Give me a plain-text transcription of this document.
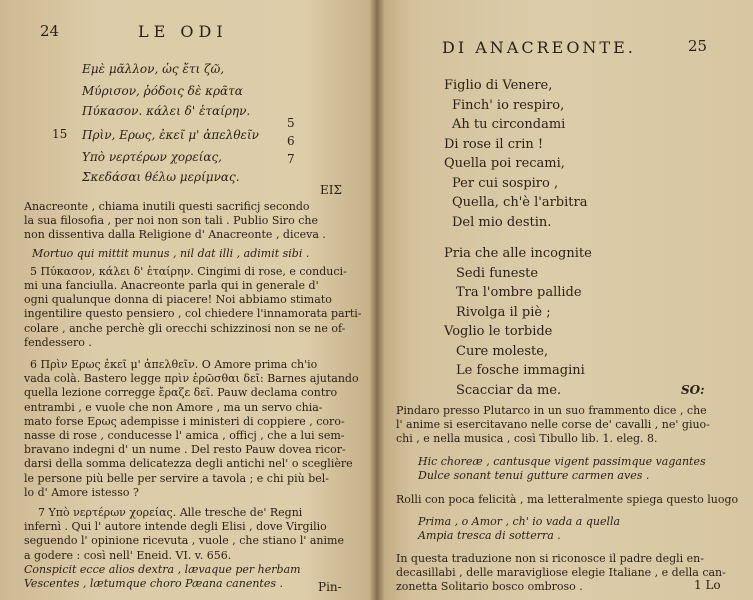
24	LE ODI
Εμὲ μᾶλλον, ὡς ἔτι ζῶ,
Μύρισον, ῥόδοις δὲ κρᾶτα
Πύκασον. κάλει δ' ἑταίρην.
Πρὶν, Ερως, ἐκεῖ μ' ἀπελθεῖν
Υπὸ νερτέρων χορείας,
Σκεδάσαι θέλω μερίμνας.
15
5
6
7
ΕΙΣ
Anacreonte , chiama inutili questi sacrificj secondo
la sua filosofia , per noi non son tali . Publio Siro che
non dissentiva dalla Religione d' Anacreonte , diceva .
Mortuo qui mittit munus , nil dat illi , adimit sibi .
5 Πύκασον, κάλει δ' ἑταίρην. Cingimi di rose, e conduci-
mi una fanciulla. Anacreonte parla qui in generale d'
ogni qualunque donna di piacere! Noi abbiamo stimato
ingentilire questo pensiero , col chiedere l'innamorata parti-
colare , anche perchè gli orecchi schizzinosi non se ne of-
fendessero .
6 Πρὶν Ερως ἐκεῖ μ' ἀπελθεῖν. O Amore prima ch'io
vada colà. Bastero legge πρὶν ἐρῶσθαι δεῖ: Barnes ajutando
quella lezione corregge ἔραζε δεῖ. Pauw declama contro
entrambi , e vuole che non Amore , ma un servo chia-
mato forse Ερως adempisse i ministeri di coppiere , coro-
nasse di rose , conducesse l' amica , officj , che a lui sem-
bravano indegni d' un nume . Del resto Pauw dovea ricor-
darsi della somma delicatezza degli antichi nel' o sceglière
le persone più belle per servire a tavola ; e chi più bel-
lo d' Amore istesso ?
7 Υπὸ νερτέρων χορείας. Alle tresche de' Regni
infernì . Qui l' autore intende degli Elisi , dove Virgilio
seguendo l' opinione ricevuta , vuole , che stiano l' anime
a godere : così nell' Eneid. VI. v. 656.
Conspicit ecce alios dextra , lævaque per herbam
Vescentes , lætumque choro Pæana canentes .	Pin-
DI ANACREONTE.	25
Figlio di Venere,
Finch' io respiro,
Ah tu circondami
Di rose il crin !
Quella poi recami,
Per cui sospiro ,
Quella, ch'è l'arbitra
Del mio destin.
Pria che alle incognite
Sedi funeste
Tra l'ombre pallide
Rivolga il piè ;
Voglio le torbide
Cure moleste,
Le fosche immagini
Scacciar da me.	SO:
Pindaro presso Plutarco in un suo frammento dice , che
l' anime si esercitavano nelle corse de' cavalli , ne' giuo-
chi , e nella musica , così Tibullo lib. 1. eleg. 8.
Hic choreæ , cantusque vigent passimque vagantes
Dulce sonant tenui gutture carmen aves .
Rolli con poca felicità , ma letteralmente spiega questo luogo
Prima , o Amor , ch' io vada a quella
Ampia tresca di sotterra .
In questa traduzione non si riconosce il padre degli en-
decasillabi , delle maravigliose elegie Italiane , e della can-
zonetta Solitario bosco ombroso .	1 Lo
